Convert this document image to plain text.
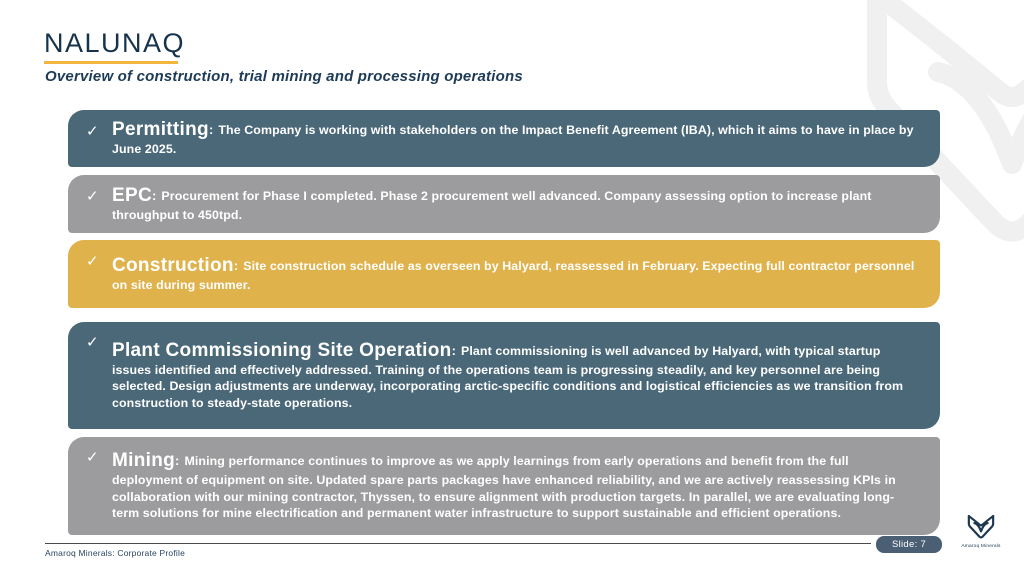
NALUNAQ
Overview of construction, trial mining and processing operations
✓ Permitting: The Company is working with stakeholders on the Impact Benefit Agreement (IBA), which it aims to have in place by June 2025.

✓ EPC: Procurement for Phase I completed. Phase 2 procurement well advanced. Company assessing option to increase plant throughput to 450tpd.

✓ Construction: Site construction schedule as overseen by Halyard, reassessed in February. Expecting full contractor personnel on site during summer.

✓ Plant Commissioning Site Operation: Plant commissioning is well advanced by Halyard, with typical startup issues identified and effectively addressed. Training of the operations team is progressing steadily, and key personnel are being selected. Design adjustments are underway, incorporating arctic-specific conditions and logistical efficiencies as we transition from construction to steady-state operations.

✓ Mining: Mining performance continues to improve as we apply learnings from early operations and benefit from the full deployment of equipment on site. Updated spare parts packages have enhanced reliability, and we are actively reassessing KPIs in collaboration with our mining contractor, Thyssen, to ensure alignment with production targets. In parallel, we are evaluating long-term solutions for mine electrification and permanent water infrastructure to support sustainable and efficient operations.

Amaroq Minerals: Corporate Profile
Slide: 7	Amaroq Minerals
